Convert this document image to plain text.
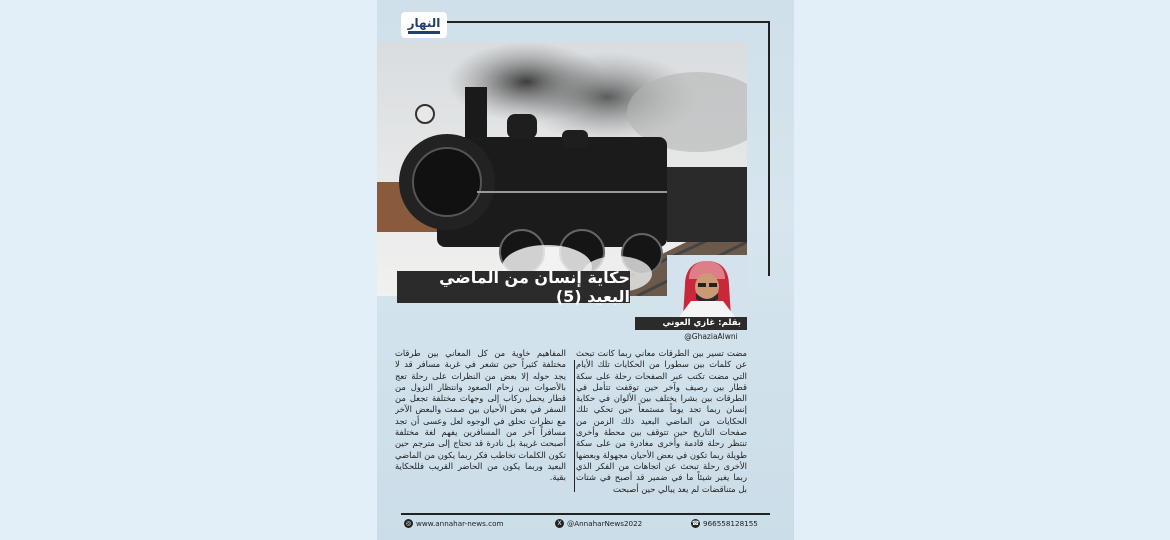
النهار
حكاية إنسان من الماضي البعيد (5)
بقلم: غازي العوني
@GhaziaAlwni
مضت تسير بين الطرقات معاني ربما كانت تبحث عن كلمات بين سطورا من الحكايات تلك الأيام التي مضت تكتب عبر الصفحات رحلة على سكة قطار بين رصيف وآخر حين توقفت تتأمل في الطرقات بين بشرا يختلف بين الألوان في حكاية إنسان ربما تجد يوماً مستمعاً حين تحكي تلك الحكايات من الماضي البعيد ذلك الزمن من صفحات التاريخ حين تتوقف بين محطة وأخرى تنتظر رحلة قادمة وأخرى مغادرة من على سكة طويلة ربما تكون في بعض الأحيان مجهولة وبعضها الأخرى رحلة تبحث عن اتجاهات من الفكر الذي ربما يغير شيئاً ما في ضمير قد أصبح في شتات بل متناقضات لم يعد يبالي حين أصبحت
المفاهيم خاوية من كل المعاني بين طرقات مختلفة كثيراً حين تشعر في غربة مسافر قد لا يجد حوله إلا بعض من النظرات على رحلة تعج بالأصوات بين زحام الصعود وانتظار النزول من قطار يحمل ركاب إلى وجهات مختلفة تجعل من السفر في بعض الأحيان بين صمت والبعض الآخر مع نظرات تحلق في الوجوه لعل وعسى أن تجد مسافراً آخر من المسافرين يفهم لغة مختلفة أصبحت غريبة بل نادرة قد تحتاج إلى مترجم حين تكون الكلمات تخاطب فكر ربما يكون من الماضي البعيد وربما يكون من الحاضر القريب فللحكاية بقية.
◎ www.annahar-news.com	X @AnnaharNews2022	☎ 966558128155
